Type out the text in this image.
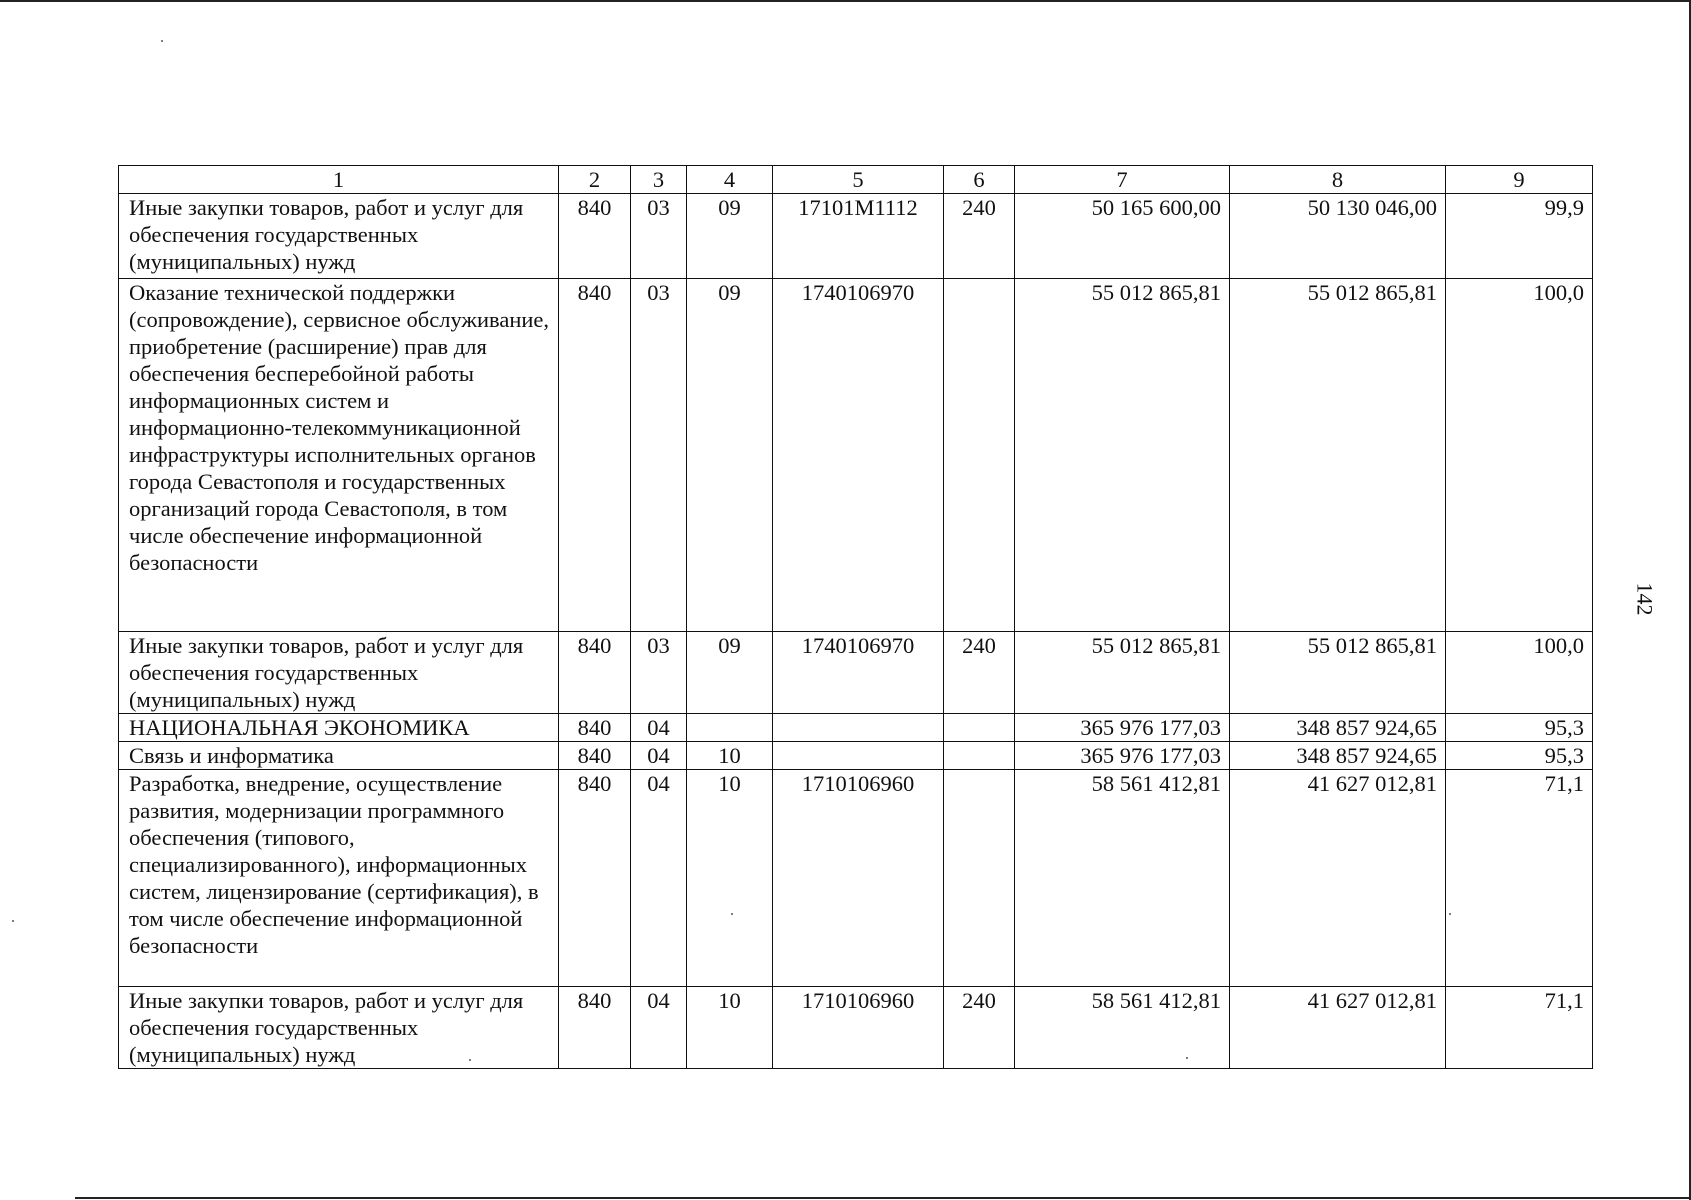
1	2	3	4	5	6	7	8	9
Иные закупки товаров, работ и услуг для обеспечения государственных (муниципальных) нужд	840	03	09	17101М1112	240	50 165 600,00	50 130 046,00	99,9
Оказание технической поддержки (сопровождение), сервисное обслуживание, приобретение (расширение) прав для обеспечения бесперебойной работы информационных систем и информационно-телекоммуникационной инфраструктуры исполнительных органов города Севастополя и государственных организаций города Севастополя, в том числе обеспечение информационной безопасности	840	03	09	1740106970		55 012 865,81	55 012 865,81	100,0
Иные закупки товаров, работ и услуг для обеспечения государственных (муниципальных) нужд	840	03	09	1740106970	240	55 012 865,81	55 012 865,81	100,0
НАЦИОНАЛЬНАЯ ЭКОНОМИКА	840	04				365 976 177,03	348 857 924,65	95,3
Связь и информатика	840	04	10			365 976 177,03	348 857 924,65	95,3
Разработка, внедрение, осуществление развития, модернизации программного обеспечения (типового, специализированного), информационных систем, лицензирование (сертификация), в том числе обеспечение информационной безопасности	840	04	10	1710106960		58 561 412,81	41 627 012,81	71,1
Иные закупки товаров, работ и услуг для обеспечения государственных (муниципальных) нужд	840	04	10	1710106960	240	58 561 412,81	41 627 012,81	71,1
142
